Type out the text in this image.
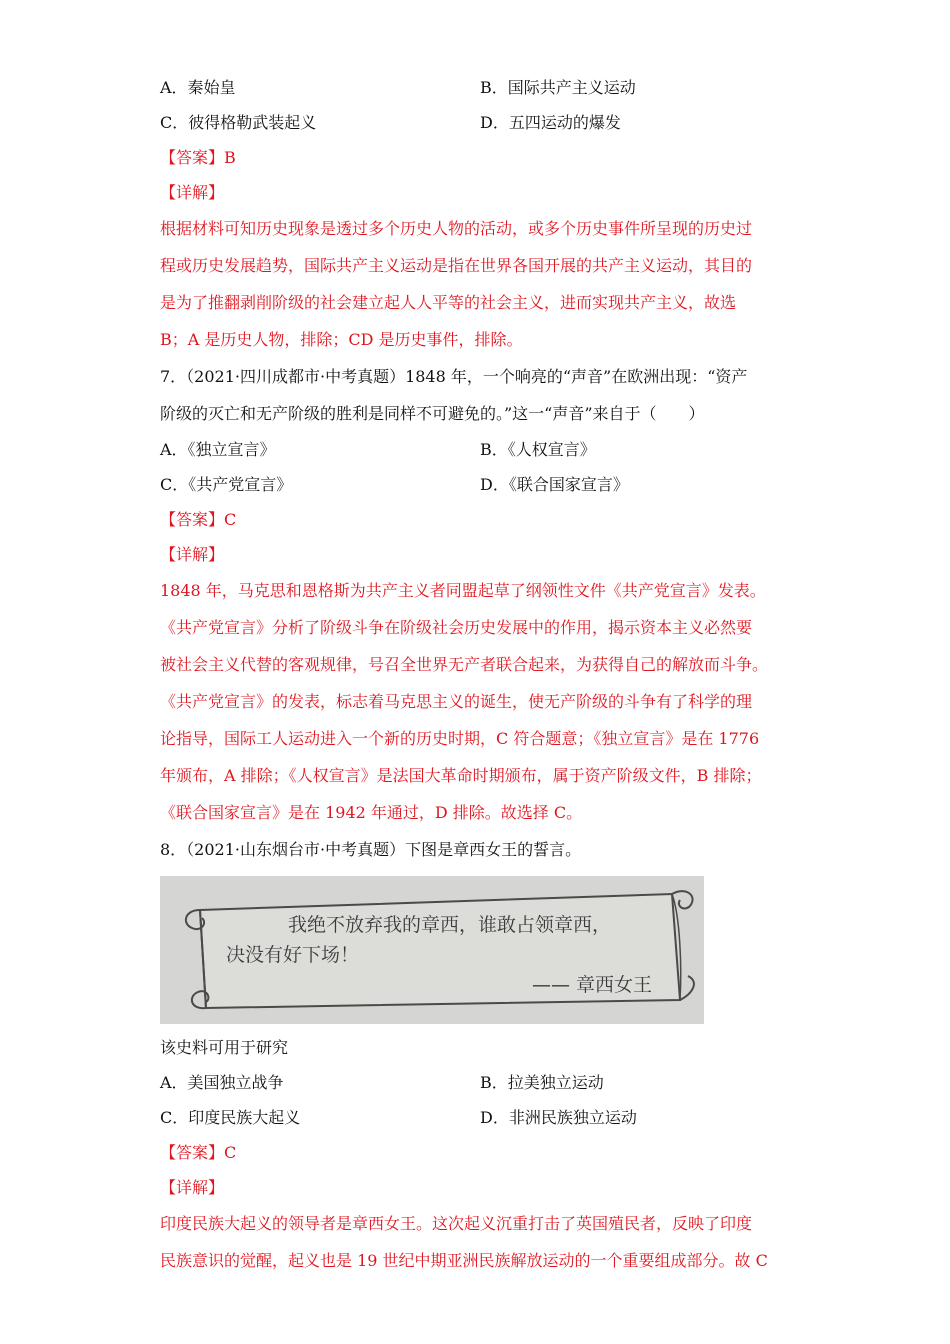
A．秦始皇	B．国际共产主义运动
C．彼得格勒武装起义	D．五四运动的爆发
【答案】B
【详解】
根据材料可知历史现象是透过多个历史人物的活动，或多个历史事件所呈现的历史过
程或历史发展趋势，国际共产主义运动是指在世界各国开展的共产主义运动，其目的
是为了推翻剥削阶级的社会建立起人人平等的社会主义，进而实现共产主义，故选
B；A 是历史人物，排除；CD 是历史事件，排除。
7．（2021·四川成都市·中考真题）1848 年，一个响亮的“声音”在欧洲出现：“资产
阶级的灭亡和无产阶级的胜利是同样不可避免的。”这一“声音”来自于（　　）
A．《独立宣言》	B．《人权宣言》
C．《共产党宣言》	D．《联合国家宣言》
【答案】C
【详解】
1848 年，马克思和恩格斯为共产主义者同盟起草了纲领性文件《共产党宣言》发表。
《共产党宣言》分析了阶级斗争在阶级社会历史发展中的作用，揭示资本主义必然要
被社会主义代替的客观规律，号召全世界无产者联合起来，为获得自己的解放而斗争。
《共产党宣言》的发表，标志着马克思主义的诞生，使无产阶级的斗争有了科学的理
论指导，国际工人运动进入一个新的历史时期，C 符合题意；《独立宣言》是在 1776
年颁布，A 排除；《人权宣言》是法国大革命时期颁布，属于资产阶级文件，B 排除；
《联合国家宣言》是在 1942 年通过，D 排除。故选择 C。
8．（2021·山东烟台市·中考真题）下图是章西女王的誓言。
我绝不放弃我的章西，谁敢占领章西，
决没有好下场！
—— 章西女王
该史料可用于研究
A．美国独立战争	B．拉美独立运动
C．印度民族大起义	D．非洲民族独立运动
【答案】C
【详解】
印度民族大起义的领导者是章西女王。这次起义沉重打击了英国殖民者，反映了印度
民族意识的觉醒，起义也是 19 世纪中期亚洲民族解放运动的一个重要组成部分。故 C
